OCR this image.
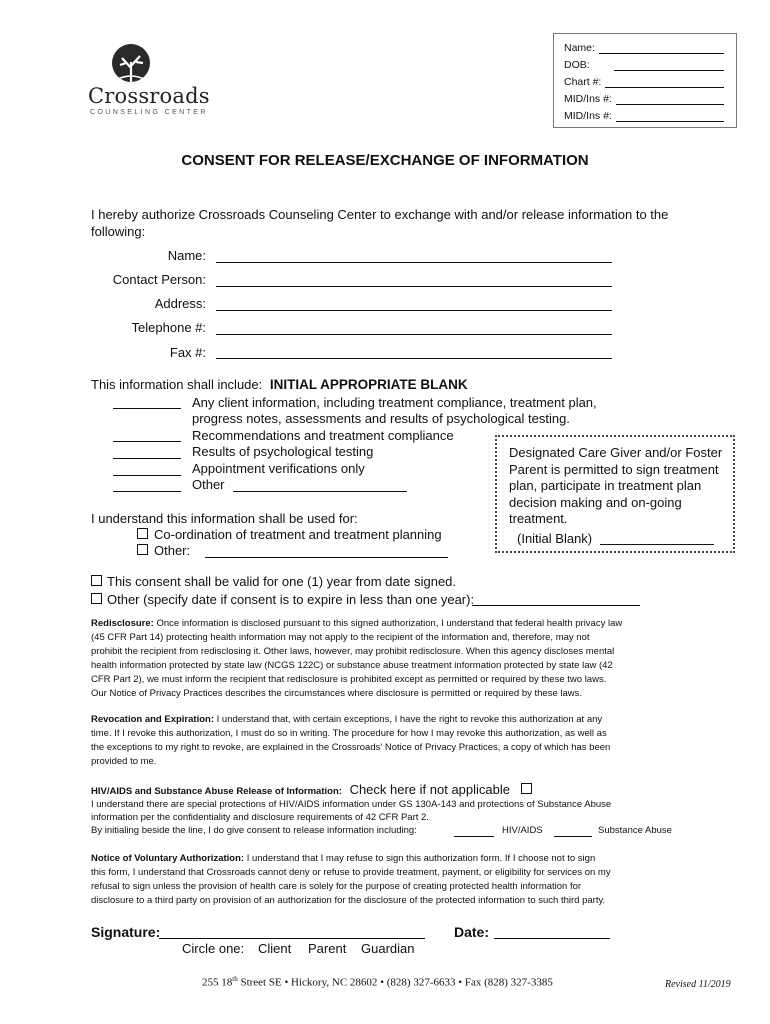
Crossroads
COUNSELING CENTER
Name:
DOB:
Chart #:
MID/Ins #:
MID/Ins #:
CONSENT FOR RELEASE/EXCHANGE OF INFORMATION
I hereby authorize Crossroads Counseling Center to exchange with and/or release information to the
following:
Name:
Contact Person:
Address:
Telephone #:
Fax #:
This information shall include: INITIAL APPROPRIATE BLANK
Any client information, including treatment compliance, treatment plan,
progress notes, assessments and results of psychological testing.
Recommendations and treatment compliance
Results of psychological testing
Appointment verifications only
Other
I understand this information shall be used for:
Co-ordination of treatment and treatment planning
Other:
Designated Care Giver and/or Foster
Parent is permitted to sign treatment
plan, participate in treatment plan
decision making and on-going
treatment.
(Initial Blank)
This consent shall be valid for one (1) year from date signed.
Other (specify date if consent is to expire in less than one year):
Redisclosure: Once information is disclosed pursuant to this signed authorization, I understand that federal health privacy law
(45 CFR Part 14) protecting health information may not apply to the recipient of the information and, therefore, may not
prohibit the recipient from redisclosing it. Other laws, however, may prohibit redisclosure. When this agency discloses mental
health information protected by state law (NCGS 122C) or substance abuse treatment information protected by state law (42
CFR Part 2), we must inform the recipient that redisclosure is prohibited except as permitted or required by these two laws.
Our Notice of Privacy Practices describes the circumstances where disclosure is permitted or required by these laws.
Revocation and Expiration: I understand that, with certain exceptions, I have the right to revoke this authorization at any
time. If I revoke this authorization, I must do so in writing. The procedure for how I may revoke this authorization, as well as
the exceptions to my right to revoke, are explained in the Crossroads' Notice of Privacy Practices, a copy of which has been
provided to me.
HIV/AIDS and Substance Abuse Release of Information: Check here if not applicable
I understand there are special protections of HIV/AIDS information under GS 130A-143 and protections of Substance Abuse
information per the confidentiality and disclosure requirements of 42 CFR Part 2.
By initialing beside the line, I do give consent to release information including:	HIV/AIDS	Substance Abuse
Notice of Voluntary Authorization: I understand that I may refuse to sign this authorization form. If I choose not to sign
this form, I understand that Crossroads cannot deny or refuse to provide treatment, payment, or eligibility for services on my
refusal to sign unless the provision of health care is solely for the purpose of creating protected health information for
disclosure to a third party on provision of an authorization for the disclosure of the protected information to such third party.
Signature:	Date:
Circle one: Client Parent Guardian
255 18th Street SE • Hickory, NC 28602 • (828) 327-6633 • Fax (828) 327-3385	Revised 11/2019
